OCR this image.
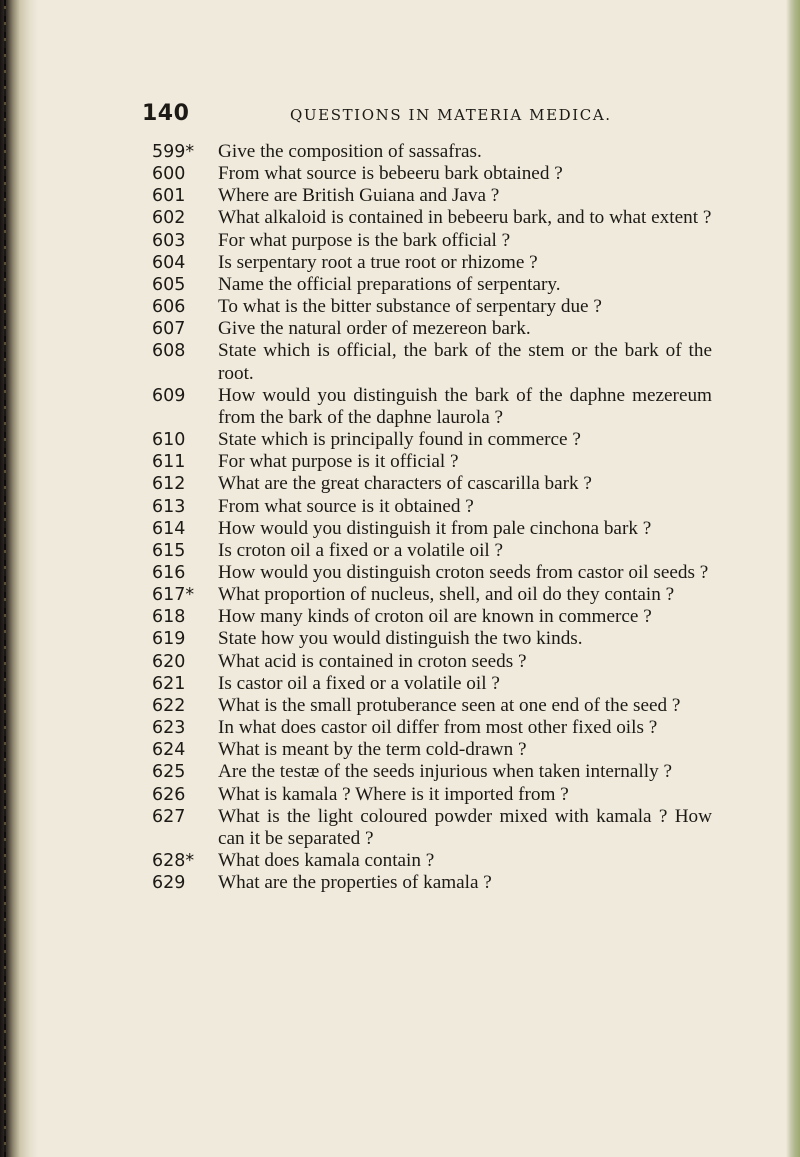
140	QUESTIONS IN MATERIA MEDICA.
599*	Give the composition of sassafras.
600	From what source is bebeeru bark obtained ?
601	Where are British Guiana and Java ?
602	What alkaloid is contained in bebeeru bark, and to what extent ?
603	For what purpose is the bark official ?
604	Is serpentary root a true root or rhizome ?
605	Name the official preparations of serpentary.
606	To what is the bitter substance of serpentary due ?
607	Give the natural order of mezereon bark.
608	State which is official, the bark of the stem or the bark of the root.
609	How would you distinguish the bark of the daphne mezereum from the bark of the daphne laurola ?
610	State which is principally found in commerce ?
611	For what purpose is it official ?
612	What are the great characters of cascarilla bark ?
613	From what source is it obtained ?
614	How would you distinguish it from pale cinchona bark ?
615	Is croton oil a fixed or a volatile oil ?
616	How would you distinguish croton seeds from castor oil seeds ?
617*	What proportion of nucleus, shell, and oil do they contain ?
618	How many kinds of croton oil are known in commerce ?
619	State how you would distinguish the two kinds.
620	What acid is contained in croton seeds ?
621	Is castor oil a fixed or a volatile oil ?
622	What is the small protuberance seen at one end of the seed ?
623	In what does castor oil differ from most other fixed oils ?
624	What is meant by the term cold-drawn ?
625	Are the testæ of the seeds injurious when taken internally ?
626	What is kamala ? Where is it imported from ?
627	What is the light coloured powder mixed with kamala ? How can it be separated ?
628*	What does kamala contain ?
629	What are the properties of kamala ?
